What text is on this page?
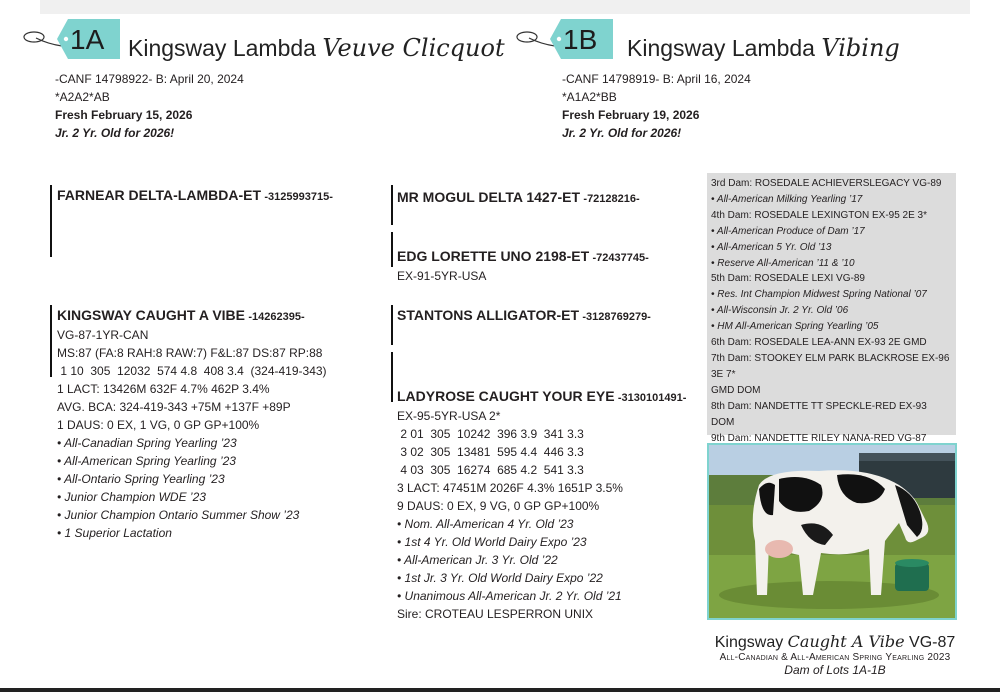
1A Kingsway Lambda Veuve Clicquot
-CANF 14798922- B: April 20, 2024
*A2A2*AB
Fresh February 15, 2026
Jr. 2 Yr. Old for 2026!
1B Kingsway Lambda Vibing
-CANF 14798919- B: April 16, 2024
*A1A2*BB
Fresh February 19, 2026
Jr. 2 Yr. Old for 2026!
FARNEAR DELTA-LAMBDA-ET -3125993715-
KINGSWAY CAUGHT A VIBE -14262395-
VG-87-1YR-CAN
MS:87 (FA:8 RAH:8 RAW:7) F&L:87 DS:87 RP:88
1 10  305  12032  574 4.8  408 3.4  (324-419-343)
1 LACT: 13426M 632F 4.7% 462P 3.4%
AVG. BCA: 324-419-343 +75M +137F +89P
1 DAUS: 0 EX, 1 VG, 0 GP GP+100%
• All-Canadian Spring Yearling ’23
• All-American Spring Yearling ’23
• All-Ontario Spring Yearling ’23
• Junior Champion WDE ’23
• Junior Champion Ontario Summer Show ’23
• 1 Superior Lactation
MR MOGUL DELTA 1427-ET -72128216-
EDG LORETTE UNO 2198-ET -72437745-
EX-91-5YR-USA
STANTONS ALLIGATOR-ET -3128769279-
LADYROSE CAUGHT YOUR EYE -3130101491-
EX-95-5YR-USA 2*
2 01  305  10242  396 3.9  341 3.3
3 02  305  13481  595 4.4  446 3.3
4 03  305  16274  685 4.2  541 3.3
3 LACT: 47451M 2026F 4.3% 1651P 3.5%
9 DAUS: 0 EX, 9 VG, 0 GP GP+100%
• Nom. All-American 4 Yr. Old ’23
• 1st 4 Yr. Old World Dairy Expo ’23
• All-American Jr. 3 Yr. Old ’22
• 1st Jr. 3 Yr. Old World Dairy Expo ’22
• Unanimous All-American Jr. 2 Yr. Old ’21
Sire: CROTEAU LESPERRON UNIX
3rd Dam: ROSEDALE ACHIEVERSLEGACY VG-89
• All-American Milking Yearling ’17
4th Dam: ROSEDALE LEXINGTON EX-95 2E 3*
• All-American Produce of Dam ’17
• All-American 5 Yr. Old ’13
• Reserve All-American ’11 & ’10
5th Dam: ROSEDALE LEXI VG-89
• Res. Int Champion Midwest Spring National ’07
• All-Wisconsin Jr. 2 Yr. Old ’06
• HM All-American Spring Yearling ’05
6th Dam: ROSEDALE LEA-ANN EX-93 2E GMD
7th Dam: STOOKEY ELM PARK BLACKROSE EX-96 3E 7*
GMD DOM
8th Dam: NANDETTE TT SPECKLE-RED EX-93 DOM
9th Dam: NANDETTE RILEY NANA-RED VG-87
Kingsway Caught A Vibe VG-87
All-Canadian & All-American Spring Yearling 2023
Dam of Lots 1A-1B
